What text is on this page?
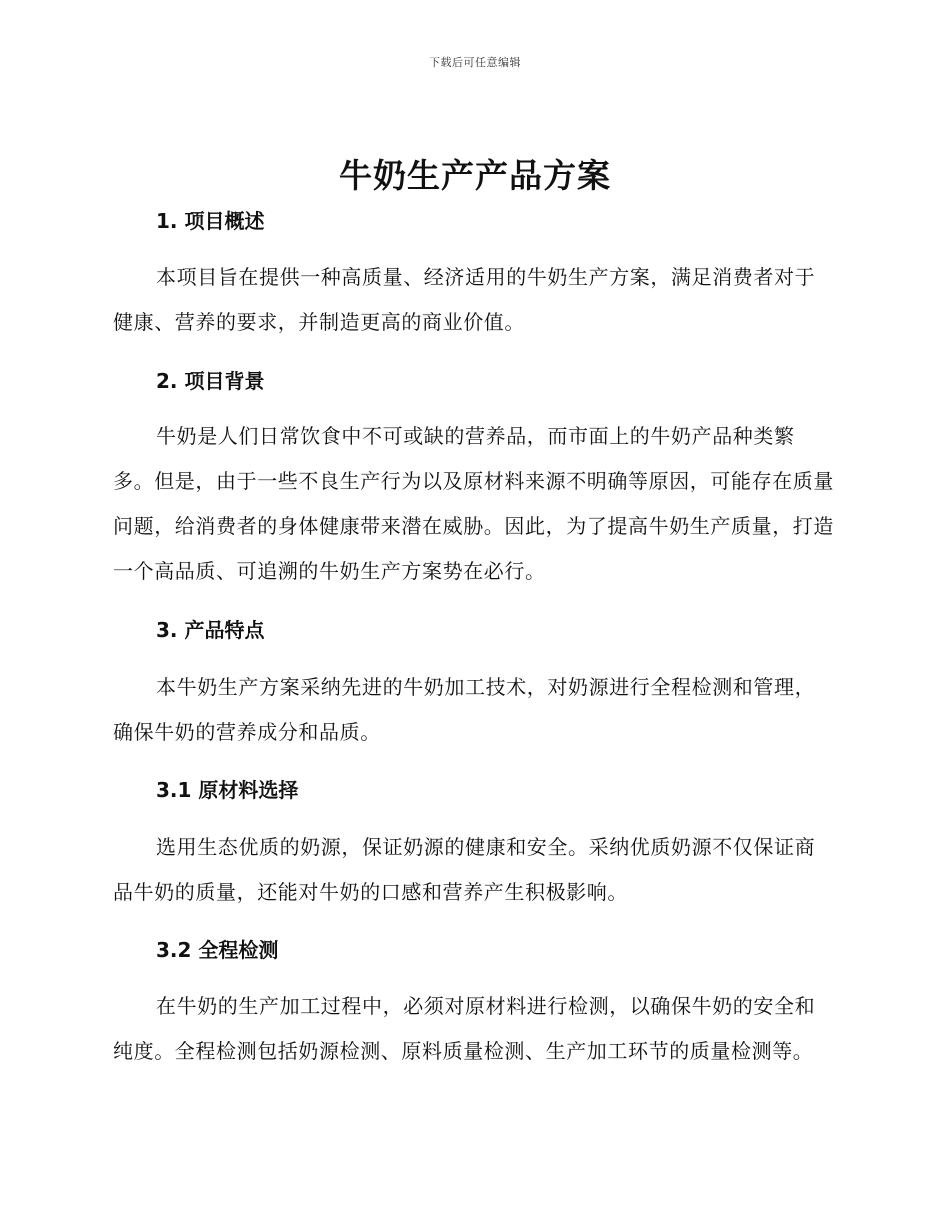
下载后可任意编辑
牛奶生产产品方案
1. 项目概述
本项目旨在提供一种高质量、经济适用的牛奶生产方案，满足消费者对于健康、营养的要求，并制造更高的商业价值。
2. 项目背景
牛奶是人们日常饮食中不可或缺的营养品，而市面上的牛奶产品种类繁多。但是，由于一些不良生产行为以及原材料来源不明确等原因，可能存在质量问题，给消费者的身体健康带来潜在威胁。因此，为了提高牛奶生产质量，打造一个高品质、可追溯的牛奶生产方案势在必行。
3. 产品特点
本牛奶生产方案采纳先进的牛奶加工技术，对奶源进行全程检测和管理，确保牛奶的营养成分和品质。
3.1 原材料选择
选用生态优质的奶源，保证奶源的健康和安全。采纳优质奶源不仅保证商品牛奶的质量，还能对牛奶的口感和营养产生积极影响。
3.2 全程检测
在牛奶的生产加工过程中，必须对原材料进行检测，以确保牛奶的安全和纯度。全程检测包括奶源检测、原料质量检测、生产加工环节的质量检测等。
